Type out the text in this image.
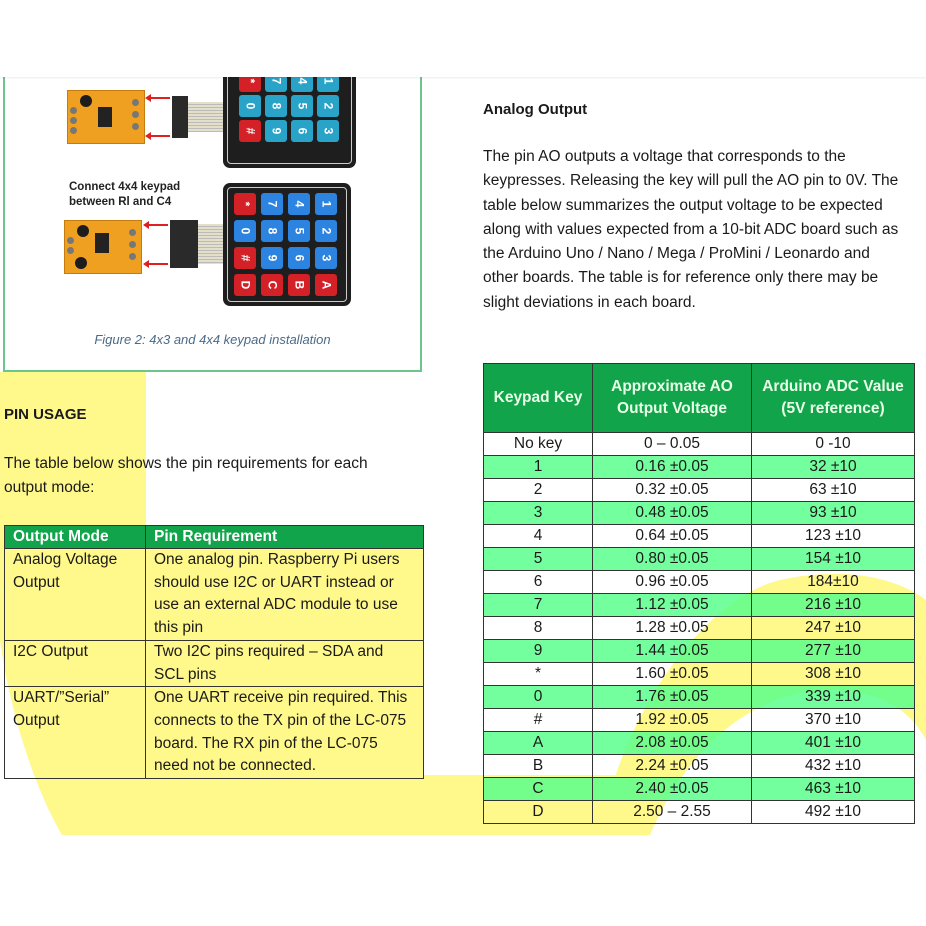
* 7 4 1
0 8 5 2
# 9 6 3
Connect 4x4 keypad
between Rl and C4	* 7 4 1
0 8 5 2
# 9 6 3
D C B A
Figure 2: 4x3 and 4x4 keypad installation
PIN USAGE
The table below shows the pin requirements for each output mode:
Output Mode	Pin Requirement
Analog Voltage Output	One analog pin. Raspberry Pi users should use I2C or UART instead or use an external ADC module to use this pin
I2C Output	Two I2C pins required – SDA and SCL pins
UART/”Serial” Output	One UART receive pin required. This connects to the TX pin of the LC-075 board. The RX pin of the LC-075 need not be connected.
Analog Output
The pin AO outputs a voltage that corresponds to the keypresses. Releasing the key will pull the AO pin to 0V. The table below summarizes the output voltage to be expected along with values expected from a 10-bit ADC board such as the Arduino Uno / Nano / Mega / ProMini / Leonardo and other boards. The table is for reference only there may be slight deviations in each board.
Keypad Key	Approximate AO Output Voltage	Arduino ADC Value (5V reference)
No key	0 – 0.05	0 -10
1	0.16 ±0.05	32 ±10
2	0.32 ±0.05	63 ±10
3	0.48 ±0.05	93 ±10
4	0.64 ±0.05	123 ±10
5	0.80 ±0.05	154 ±10
6	0.96 ±0.05	184±10
7	1.12 ±0.05	216 ±10
8	1.28 ±0.05	247 ±10
9	1.44 ±0.05	277 ±10
*	1.60 ±0.05	308 ±10
0	1.76 ±0.05	339 ±10
#	1.92 ±0.05	370 ±10
A	2.08 ±0.05	401 ±10
B	2.24 ±0.05	432 ±10
C	2.40 ±0.05	463 ±10
D	2.50 – 2.55	492 ±10
